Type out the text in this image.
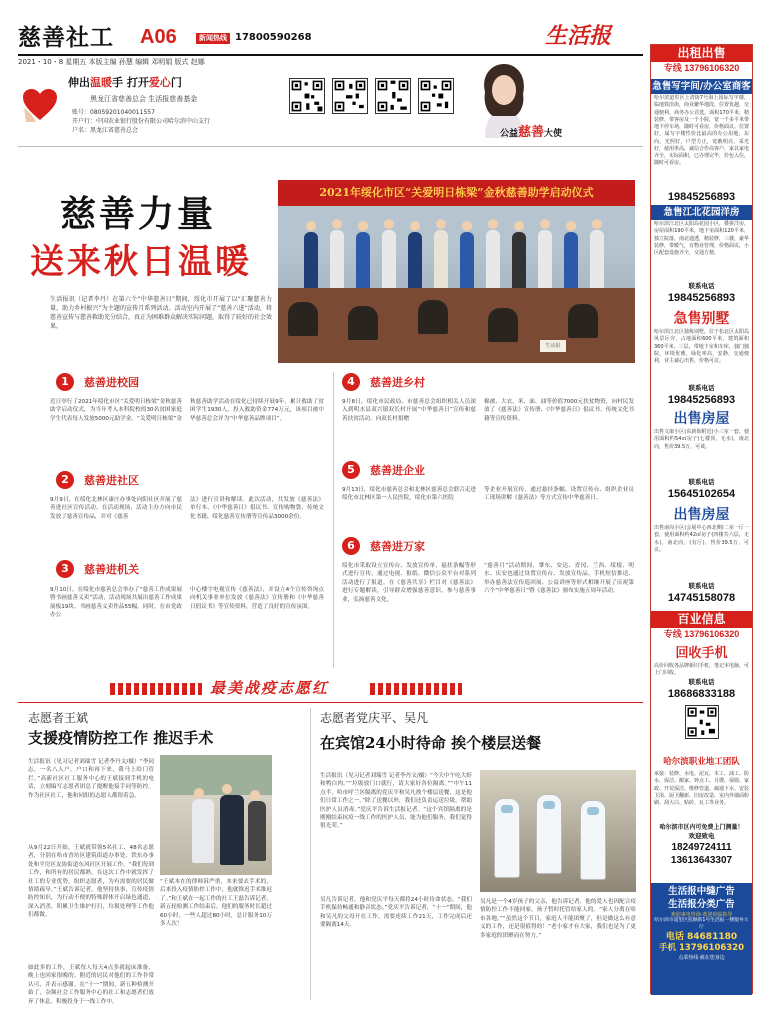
慈善社工 A06	新闻热线 17800590268	生活报
2021・10・8 星期五 本版主编 孙慧 编辑 邓明娟 版式 赵娜
伸出温暖手 打开爱心门
黑龙江省慈善总会 生活报慈善基金
账号：08059201040011557
开户行：中国农业银行股份有限公司哈尔滨中山支行
户名：黑龙江省慈善总会	公益慈善大使
慈善力量
送来秋日温暖
2021年绥化市区“关爱明日栋梁”金秋慈善助学启动仪式
生活报
生活报讯（记者李丹）在第六个“中华慈善日”期间，绥化市开展了以“汇聚慈善力量，助力乡村振兴”为主题的宣传月系列活动。活动室内开展了“慈善六进”活动，将慈善宣传与慈善救助充分结合，真正为困难群众解决实际问题，取得了较好的社会效果。
1	慈善进校园
近日举行了2021年绥化市区“关爱明日栋梁”金秋慈善助学启动仪式，为当年考入本科院校的30名贫困家庭学生代表每人发放5000元助学金。“关爱明日栋梁”金
秋慈善助学活动在绥化已持续开展9年，累计救助了贫困学生1930人，投入救助资金774万元，该项目被中华慈善总会评为“中华慈善品牌项目”。
2	慈善进社区
9月9日，在绥化北林区康庄办事处向阳社区开展了慈善进社区宣传活动。在活动现场，活动主办方向市民发放了慈善宣传品，并对《慈善
法》进行宣讲和解读。此次活动，共发放《慈善法》单行本、《中华慈善日》倡议书、宣传购物袋、传统文化书籍、绥化慈善宣传册等宣传品3000余份。
3	慈善进机关
9月10日，在绥化市慈善总会举办了“慈善工作成果展暨书画慈善义卖”活动，活动现场共展出慈善工作成果展板19块、书画慈善义卖作品55幅。同时，在市党政办公
中心楼宇电视宣传《慈善法》，并设立4个宣传咨询点向机关事业单位发放《慈善法》宣传册和《中华慈善日倡议书》等宣传资料，营造了良好的宣传氛围。
4	慈善进乡村
9月8日，绥化市民政局、市慈善总会组织相关人员深入到明水县双兴镇双长村开展“中华慈善日”宣传和慈善扶贫活动。向双长村捐赠
棉被、大衣、米、面、油等价值7000元扶贫物资，向村民发放了《慈善法》宣传册、《中华慈善日》倡议书、传统文化书籍等宣传资料。
5	慈善进企业
9月13日，绥化市慈善总会和北林区慈善总会联合走进绥化市北林区第一人民医院，绥化市第六医院
等企业开展宣传，通过悬挂条幅、设置宣传台、组织企业员工现场讲解《慈善法》等方式宣传中华慈善日。
6	慈善进万家
绥化市采取设立宣传台、发放宣传单、悬挂条幅等形式进行宣传，通过电视、报纸、微信公众平台对系列活动进行了报道。在《慈善共享》栏目对《慈善法》进行专题解读，引导群众增强慈善意识，参与慈善事业，弘扬慈善文化。
“慈善月”活动期间，肇东、安达、青冈、兰西、绥棱、明水、庆安也通过设置宣传台、发放宣传品、手机短信推送、举办慈善法宣传巡回展、公益讲座等形式相继开展了庆祝第六个“中华慈善日”暨《慈善法》颁布实施五周年活动。
最美战疫志愿红
志愿者王斌
支援疫情防控工作 推迟手术
生活报讯（见习记者刘瑞雪 记者李丹文/摄）“李同志，一名八人户，户口和再下来，我马上给门管拦。”高新社区社工服务中心的王斌接到手机的电话，立刻编写志愿者团总了提醒他接手同等防控。作为社区社工，他和同组的志愿人都很着急。
从9月22日开始，王斌就带领5名社工、48名志愿者，分别在哈市香坊区建筑街道办事处、铁东办事处和平房区友协街道东风社区开展工作。“我们每到工作，和所有的居民都熟，在这次工作中就发挥了社工的专业优势，组织志愿者，为有需要的居民做情绪疏导。”王斌告诉记者，他坚持执事，宣传疫情防控知识，为行动不便的特殊群体开启绿色通道，深入消杀，积累卫生维护打扫，垃圾处理等工作他们都做。
如此多的工作，王斌每人每天4点多就起床准备，晚上也回家很晚的。附近的居民对他们的工作非常认可，并表示感谢。在“十一”期间，新五种检测开始了，杂频社会工作服务中心的社工和志愿者们放弃了休息，积极投身于一线工作中。
“王斌本在的律师诉严重，本来要去手术的，后来投入疫情防控工作中，他就推迟手术推迟了。”和王斌在一起工作的社工王磊告诉记者。
新五轮检测工作结束后，他们的服务时长超过60小时，一些人超过80小时，总计服务10万多人次！
志愿者党庆平、吴凡
在宾馆24小时待命 挨个楼层送餐
生活报讯（见习记者刘瑞雪 记者李丹文/摄）“今天中午吃大虾和鸭白肉。”“垃圾放门口就行，请大家好各位隔离。”“中午11点半，哈市呼兰区隔离的党庆平和吴凡挨个楼层送餐，这是他们日常工作之一。”除了送餐以外，我们还负责运送垃圾，帮助医护人员消毒。”党庆平告诉生活报记者。“这个宾馆隔离的是刚刚结束抗疫一线工作的医护人员，能为他们服务，我们觉得很光荣。”
吴凡告诉记者，他和党庆平每天都将24小时待命状态。“我们手机保持畅通和静音状态。”党庆平告诉记者，“十一”期间，他和吴凡的父母开在工作，需要连续工作21天，工作完成后还要隔离14天。
吴凡是一个4岁孩子的父亲，他告诉记者，他的爱人也因配合疫情防控工作不能回家，孩子暂时托管给家人的。“家人分离在哈市各地。”“虽然这个节日，家庭人不能团聚了，但是做这么有意义的工作，还是很值得的！”老小家才有大家，我们也是为了更多家庭的团聚而在努力。”
出租出售
专线 13796106320
急售写字间/办公室商客
哈尔滨道里区上清街7号海上国际写字楼，临地铁沿街，商业繁华地段，位置优越，交通便利，商务办公首选。面积170平米，精装修，带客房及一个小院，宽一千多平米带地下停车场，随时可看房，价格面议。位置好，属写字楼性价比最高的办公用地，东向，光照好，户型方正，宽敞明亮，采光好，使用率高，诚信合作高客户，家具家电齐全，实际面积，已办理完毕，拎包入住，随时可看房。
19845256893
急售江北花园洋房
哈尔滨江北区太阳岛花园小区，叠拼洋房，房屋面积190平米，地下室面积120平米，独立院落，南北通透，精装修，三楼，豪华装修，带暖气，有物业管理，价格面议，小区配套设施齐全，交通方便。
联系电话
19845256893
急售别墅
哈尔滨江北区独栋别墅，位于松北区太阳岛风景区旁，占地面积600平米，建筑面积360平米，三层，带地下室和车库，独门独院，环境优雅，绿化率高，安静，交通便利，业主诚心出售，价格可议。
联系电话
19845256893
出售房屋
出售文康小区(东新街附近)小三室一套，使用面积约54㎡房子(七楼顶，无水)，南北向，售价39.5万，可谈。
联系电话
15645102654
出售房屋
出售南岗小区(会展中心西北侧)二室一厅一套，使用面积约42㎡房子(四楼共六层，无水)，南北向，(有厅)，售价39.5万，可议。
联系电话
14745158078
百业信息
专线 13796106320
回收手机
高价回收各品牌新旧手机，笔记本电脑，可上门回收。
联系电话
18686833188
哈尔滨职业地工团队
承接：装修、水电、泥瓦、木工、油工、防水、保洁、搬家、钟点工、月嫂、保姆、家政、开荒保洁、维修管道、疏通下水、安装卫浴、厨卫翻新、旧房改造、室内外墙面粉刷、刮大白、贴砖、瓦工等业务。
哈尔滨市区内可免费上门测量！
欢迎致电
18249724111
13613643307
生活报中缝广告
生活报分类广告
欢迎来电咨询·欢迎莅临指导
哈尔滨市道里区抚顺街1号生活报一楼服务大厅
电话 84681180
手机 13796106320
点菜热线·就在您身边
